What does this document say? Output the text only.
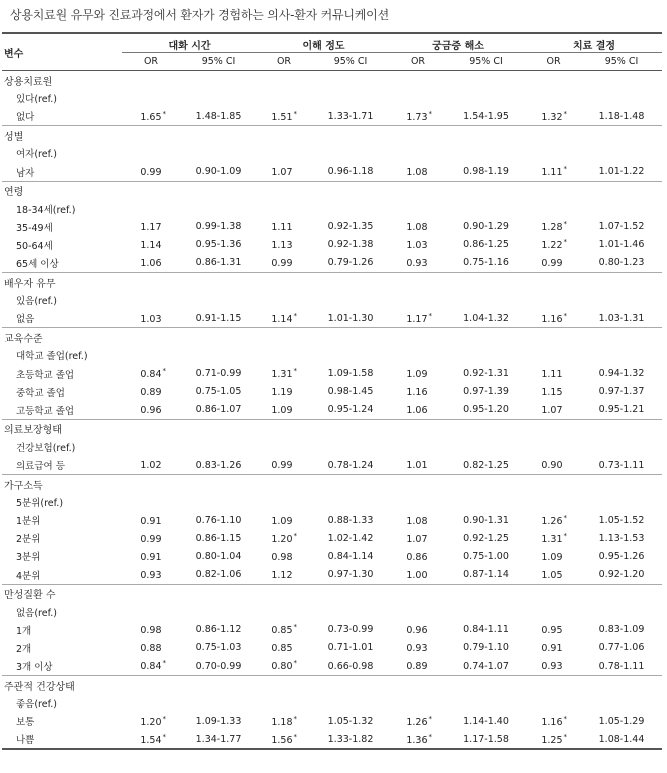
상용치료원 유무와 진료과정에서 환자가 경험하는 의사-환자 커뮤니케이션
변수	대화 시간		이해 정도		궁금증 해소		치료 결정	
	OR	95% CI	OR	95% CI	OR	95% CI	OR	95% CI
상용치료원								
있다(ref.)								
없다	1.65*	1.48-1.85	1.51*	1.33-1.71	1.73*	1.54-1.95	1.32*	1.18-1.48
성별								
여자(ref.)								
남자	0.99	0.90-1.09	1.07	0.96-1.18	1.08	0.98-1.19	1.11*	1.01-1.22
연령								
18-34세(ref.)								
35-49세	1.17	0.99-1.38	1.11	0.92-1.35	1.08	0.90-1.29	1.28*	1.07-1.52
50-64세	1.14	0.95-1.36	1.13	0.92-1.38	1.03	0.86-1.25	1.22*	1.01-1.46
65세 이상	1.06	0.86-1.31	0.99	0.79-1.26	0.93	0.75-1.16	0.99	0.80-1.23
배우자 유무								
있음(ref.)								
없음	1.03	0.91-1.15	1.14*	1.01-1.30	1.17*	1.04-1.32	1.16*	1.03-1.31
교육수준								
대학교 졸업(ref.)								
초등학교 졸업	0.84*	0.71-0.99	1.31*	1.09-1.58	1.09	0.92-1.31	1.11	0.94-1.32
중학교 졸업	0.89	0.75-1.05	1.19	0.98-1.45	1.16	0.97-1.39	1.15	0.97-1.37
고등학교 졸업	0.96	0.86-1.07	1.09	0.95-1.24	1.06	0.95-1.20	1.07	0.95-1.21
의료보장형태								
건강보험(ref.)								
의료급여 등	1.02	0.83-1.26	0.99	0.78-1.24	1.01	0.82-1.25	0.90	0.73-1.11
가구소득								
5분위(ref.)								
1분위	0.91	0.76-1.10	1.09	0.88-1.33	1.08	0.90-1.31	1.26*	1.05-1.52
2분위	0.99	0.86-1.15	1.20*	1.02-1.42	1.07	0.92-1.25	1.31*	1.13-1.53
3분위	0.91	0.80-1.04	0.98	0.84-1.14	0.86	0.75-1.00	1.09	0.95-1.26
4분위	0.93	0.82-1.06	1.12	0.97-1.30	1.00	0.87-1.14	1.05	0.92-1.20
만성질환 수								
없음(ref.)								
1개	0.98	0.86-1.12	0.85*	0.73-0.99	0.96	0.84-1.11	0.95	0.83-1.09
2개	0.88	0.75-1.03	0.85	0.71-1.01	0.93	0.79-1.10	0.91	0.77-1.06
3개 이상	0.84*	0.70-0.99	0.80*	0.66-0.98	0.89	0.74-1.07	0.93	0.78-1.11
주관적 건강상태								
좋음(ref.)								
보통	1.20*	1.09-1.33	1.18*	1.05-1.32	1.26*	1.14-1.40	1.16*	1.05-1.29
나쁨	1.54*	1.34-1.77	1.56*	1.33-1.82	1.36*	1.17-1.58	1.25*	1.08-1.44
